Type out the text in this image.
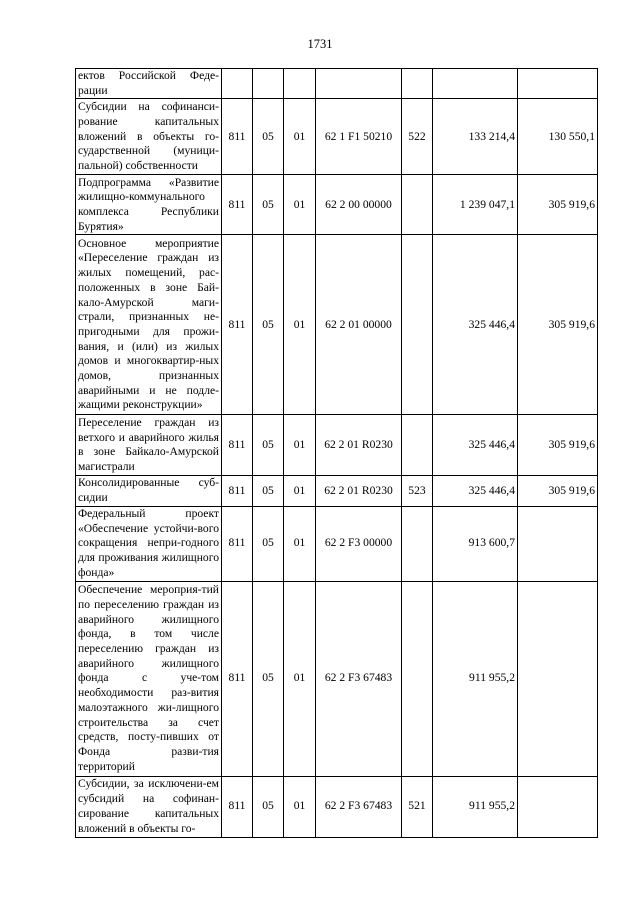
1731
ектов Российской Феде-рации							
Субсидии на софинанси-рование капитальных вложений в объекты го-сударственной (муници-пальной) собственности	811	05	01	62 1 F1 50210	522	133 214,4	130 550,1
Подпрограмма «Развитие жилищно-коммунального комплекса Республики Бурятия»	811	05	01	62 2 00 00000		1 239 047,1	305 919,6
Основное мероприятие «Переселение граждан из жилых помещений, рас-положенных в зоне Бай-кало-Амурской маги-страли, признанных не-пригодными для прожи-вания, и (или) из жилых домов и многоквартир-ных домов, признанных аварийными и не подле-жащими реконструкции»	811	05	01	62 2 01 00000		325 446,4	305 919,6
Переселение граждан из ветхого и аварийного жилья в зоне Байкало-Амурской магистрали	811	05	01	62 2 01 R0230		325 446,4	305 919,6
Консолидированные суб-сидии	811	05	01	62 2 01 R0230	523	325 446,4	305 919,6
Федеральный проект «Обеспечение устойчи-вого сокращения непри-годного для проживания жилищного фонда»	811	05	01	62 2 F3 00000		913 600,7	
Обеспечение мероприя-тий по переселению граждан из аварийного жилищного фонда, в том числе переселению граждан из аварийного жилищного фонда с уче-том необходимости раз-вития малоэтажного жи-лищного строительства за счет средств, посту-пивших от Фонда разви-тия территорий	811	05	01	62 2 F3 67483		911 955,2	
Субсидии, за исключени-ем субсидий на софинан-сирование капитальных вложений в объекты го-	811	05	01	62 2 F3 67483	521	911 955,2	
